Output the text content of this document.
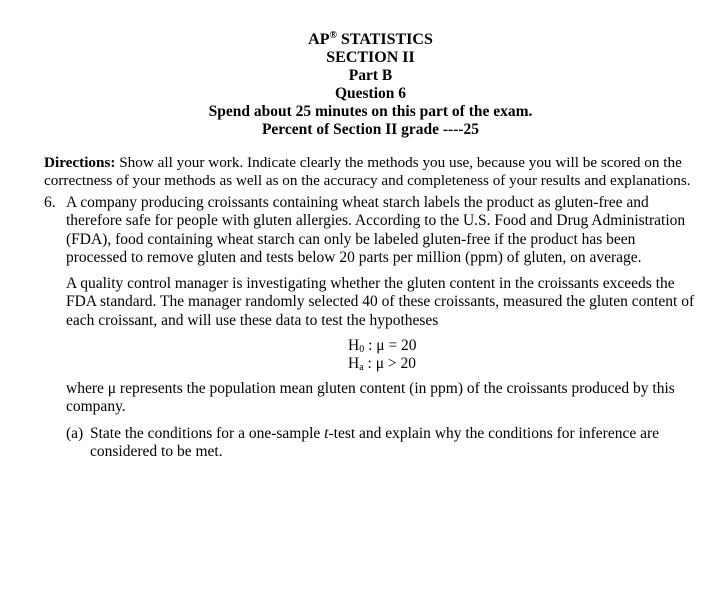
AP® STATISTICS
SECTION II
Part B
Question 6
Spend about 25 minutes on this part of the exam.
Percent of Section II grade ----25
Directions: Show all your work. Indicate clearly the methods you use, because you will be scored on the correctness of your methods as well as on the accuracy and completeness of your results and explanations.
6. A company producing croissants containing wheat starch labels the product as gluten-free and therefore safe for people with gluten allergies. According to the U.S. Food and Drug Administration (FDA), food containing wheat starch can only be labeled gluten-free if the product has been processed to remove gluten and tests below 20 parts per million (ppm) of gluten, on average.
A quality control manager is investigating whether the gluten content in the croissants exceeds the FDA standard. The manager randomly selected 40 of these croissants, measured the gluten content of each croissant, and will use these data to test the hypotheses
$H_0$ : μ = 20
$H_a$ : μ > 20
where μ represents the population mean gluten content (in ppm) of the croissants produced by this company.
(a) State the conditions for a one-sample t-test and explain why the conditions for inference are considered to be met.
